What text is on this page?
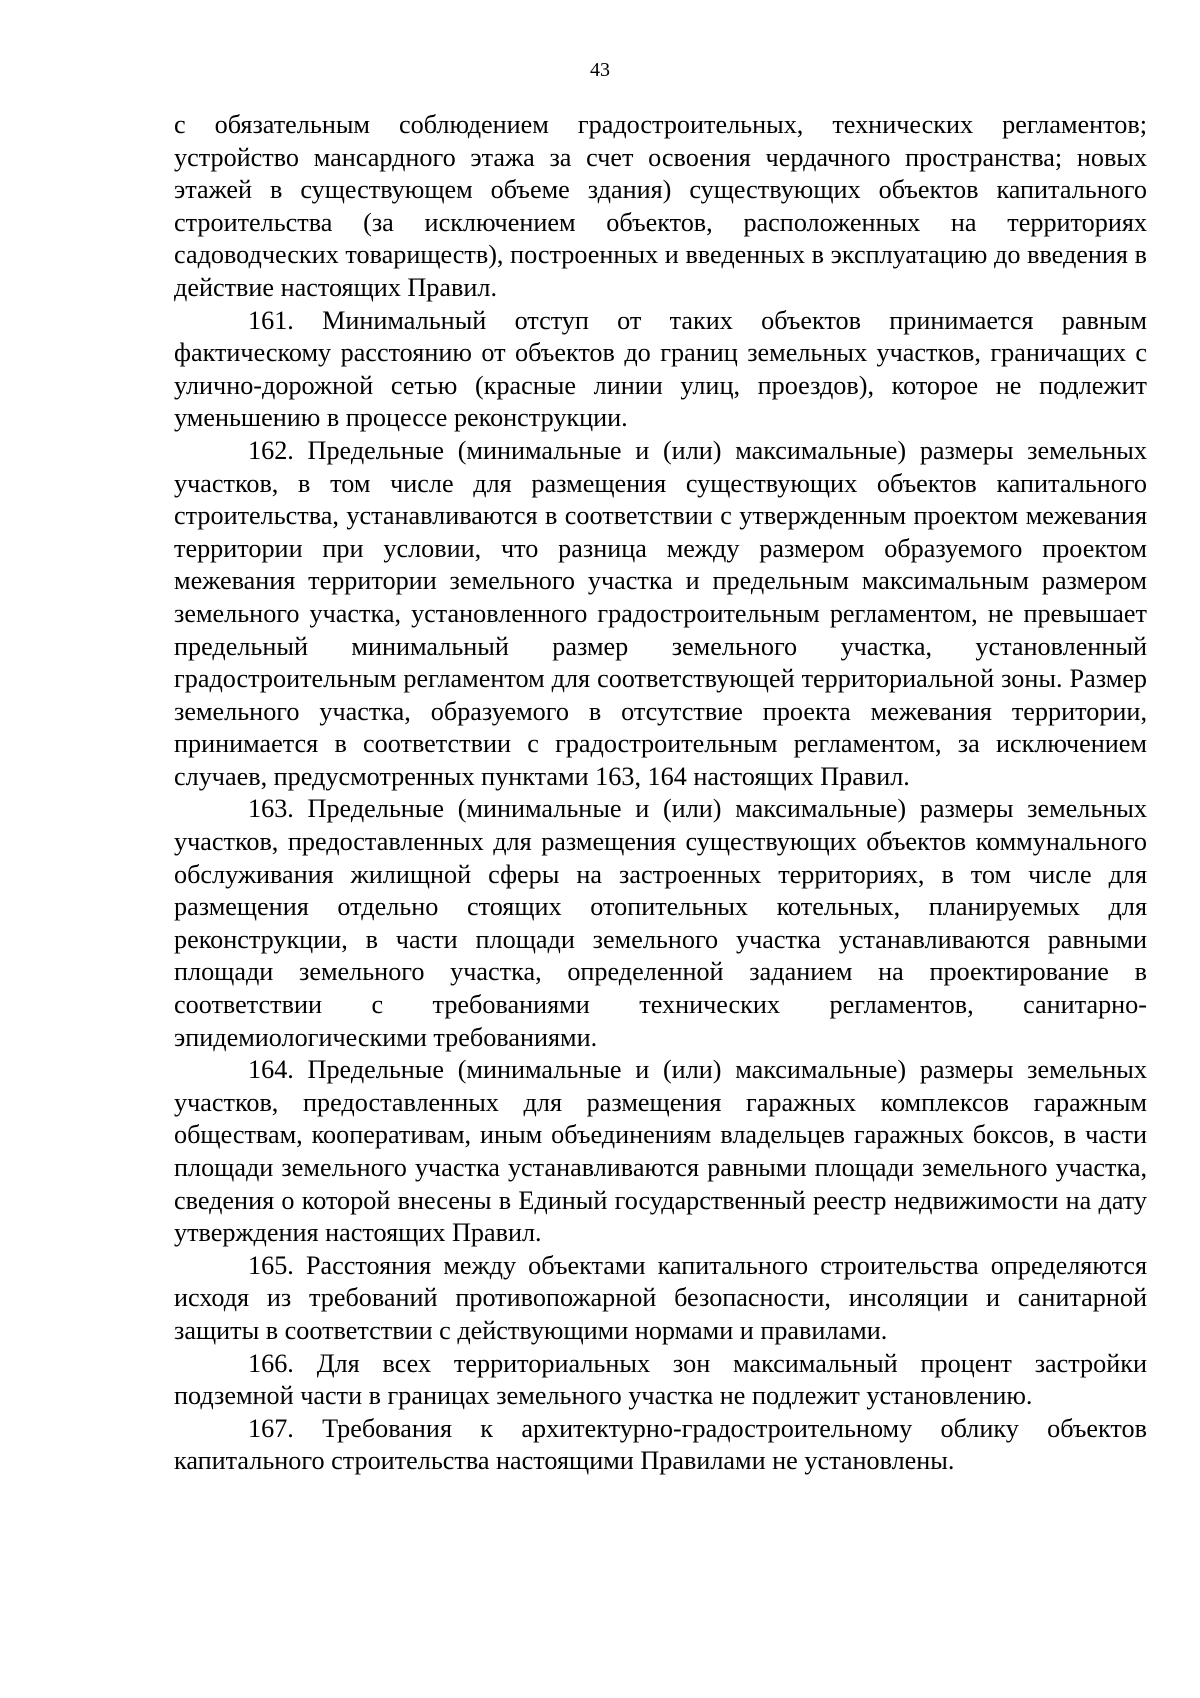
43

с обязательным соблюдением градостроительных, технических регламентов; устройство мансардного этажа за счет освоения чердачного пространства; новых этажей в существующем объеме здания) существующих объектов капитального строительства (за исключением объектов, расположенных на территориях садоводческих товариществ), построенных и введенных в эксплуатацию до введения в действие настоящих Правил.

161. Минимальный отступ от таких объектов принимается равным фактическому расстоянию от объектов до границ земельных участков, граничащих с улично-дорожной сетью (красные линии улиц, проездов), которое не подлежит уменьшению в процессе реконструкции.

162. Предельные (минимальные и (или) максимальные) размеры земельных участков, в том числе для размещения существующих объектов капитального строительства, устанавливаются в соответствии с утвержденным проектом межевания территории при условии, что разница между размером образуемого проектом межевания территории земельного участка и предельным максимальным размером земельного участка, установленного градостроительным регламентом, не превышает предельный минимальный размер земельного участка, установленный градостроительным регламентом для соответствующей территориальной зоны. Размер земельного участка, образуемого в отсутствие проекта межевания территории, принимается в соответствии с градостроительным регламентом, за исключением случаев, предусмотренных пунктами 163, 164 настоящих Правил.

163. Предельные (минимальные и (или) максимальные) размеры земельных участков, предоставленных для размещения существующих объектов коммунального обслуживания жилищной сферы на застроенных территориях, в том числе для размещения отдельно стоящих отопительных котельных, планируемых для реконструкции, в части площади земельного участка устанавливаются равными площади земельного участка, определенной заданием на проектирование в соответствии с требованиями технических регламентов, санитарно-эпидемиологическими требованиями.

164. Предельные (минимальные и (или) максимальные) размеры земельных участков, предоставленных для размещения гаражных комплексов гаражным обществам, кооперативам, иным объединениям владельцев гаражных боксов, в части площади земельного участка устанавливаются равными площади земельного участка, сведения о которой внесены в Единый государственный реестр недвижимости на дату утверждения настоящих Правил.

165. Расстояния между объектами капитального строительства определяются исходя из требований противопожарной безопасности, инсоляции и санитарной защиты в соответствии с действующими нормами и правилами.

166. Для всех территориальных зон максимальный процент застройки подземной части в границах земельного участка не подлежит установлению.

167. Требования к архитектурно-градостроительному облику объектов капитального строительства настоящими Правилами не установлены.
